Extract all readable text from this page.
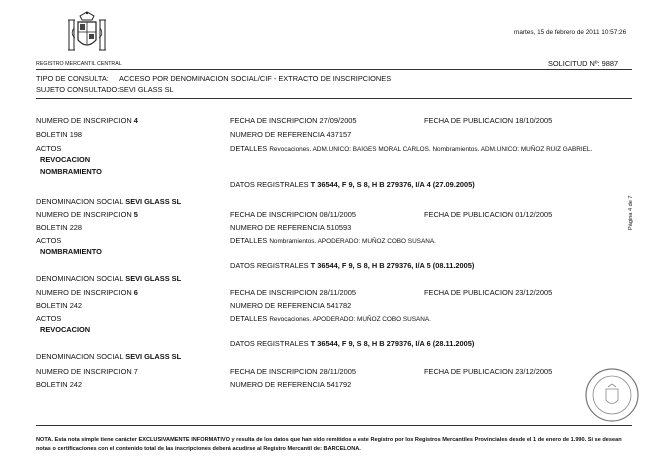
REGISTRO MERCANTIL CENTRAL
martes, 15 de febrero de 2011 10:57:26
SOLICITUD Nº: 9887
TIPO DE CONSULTA: ACCESO POR DENOMINACION SOCIAL/CIF - EXTRACTO DE INSCRIPCIONES
SUJETO CONSULTADO: SEVI GLASS SL
NUMERO DE INSCRIPCION 4	FECHA DE INSCRIPCION 27/09/2005	FECHA DE PUBLICACION 18/10/2005
BOLETIN 198	NUMERO DE REFERENCIA 437157
ACTOS	DETALLES Revocaciones. ADM.UNICO: BAIGES MORAL CARLOS. Nombramientos. ADM.UNICO: MUÑOZ RUIZ GABRIEL.
REVOCACION
NOMBRAMIENTO
DATOS REGISTRALES T 36544, F 9, S 8, H B 279376, I/A 4 (27.09.2005)
DENOMINACION SOCIAL SEVI GLASS SL
NUMERO DE INSCRIPCION 5	FECHA DE INSCRIPCION 08/11/2005	FECHA DE PUBLICACION 01/12/2005
BOLETIN 228	NUMERO DE REFERENCIA 510593
ACTOS	DETALLES Nombramientos. APODERADO: MUÑOZ COBO SUSANA.
NOMBRAMIENTO
DATOS REGISTRALES T 36544, F 9, S 8, H B 279376, I/A 5 (08.11.2005)
DENOMINACION SOCIAL SEVI GLASS SL
NUMERO DE INSCRIPCION 6	FECHA DE INSCRIPCION 28/11/2005	FECHA DE PUBLICACION 23/12/2005
BOLETIN 242	NUMERO DE REFERENCIA 541782
ACTOS	DETALLES Revocaciones. APODERADO: MUÑOZ COBO SUSANA.
REVOCACION
DATOS REGISTRALES T 36544, F 9, S 8, H B 279376, I/A 6 (28.11.2005)
DENOMINACION SOCIAL SEVI GLASS SL
NUMERO DE INSCRIPCION 7	FECHA DE INSCRIPCION 28/11/2005	FECHA DE PUBLICACION 23/12/2005
BOLETIN 242	NUMERO DE REFERENCIA 541792
Página 4 de 7
NOTA. Esta nota simple tiene carácter EXCLUSIVAMENTE INFORMATIVO y resulta de los datos que han sido remitidos a este Registro por los Registros Mercantiles Provinciales desde el 1 de enero de 1.990. Si se desean notas o certificaciones con el contenido total de las inscripciones deberá acudirse al Registro Mercantil de: BARCELONA.
